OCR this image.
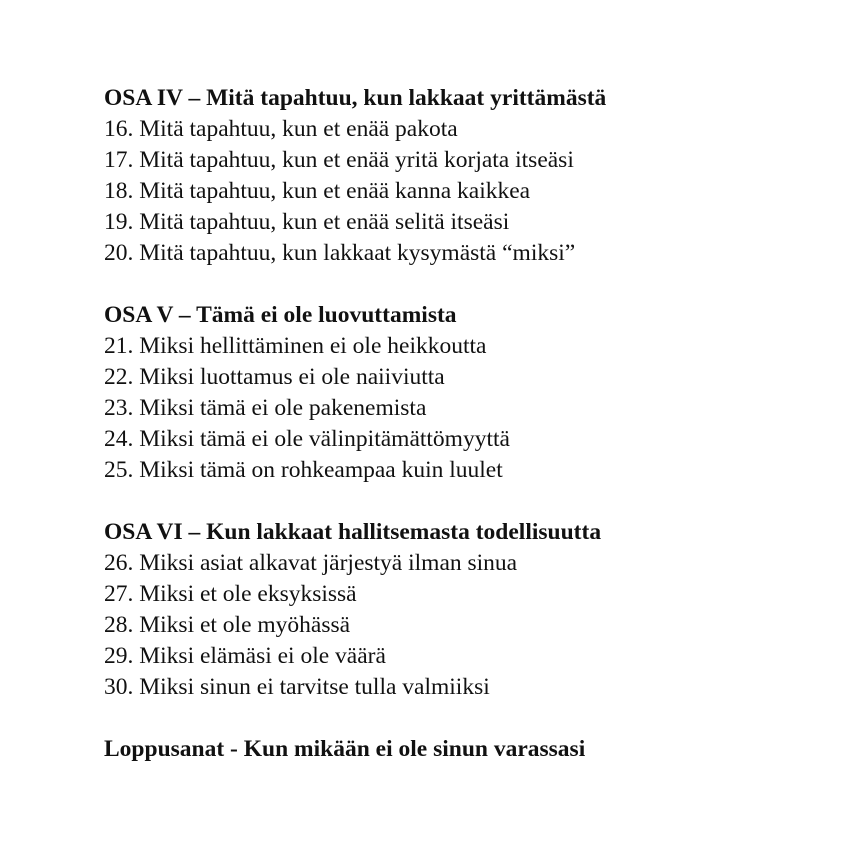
OSA IV – Mitä tapahtuu, kun lakkaat yrittämästä

16. Mitä tapahtuu, kun et enää pakota

17. Mitä tapahtuu, kun et enää yritä korjata itseäsi

18. Mitä tapahtuu, kun et enää kanna kaikkea

19. Mitä tapahtuu, kun et enää selitä itseäsi

20. Mitä tapahtuu, kun lakkaat kysymästä “miksi”

OSA V – Tämä ei ole luovuttamista

21. Miksi hellittäminen ei ole heikkoutta

22. Miksi luottamus ei ole naiiviutta

23. Miksi tämä ei ole pakenemista

24. Miksi tämä ei ole välinpitämättömyyttä

25. Miksi tämä on rohkeampaa kuin luulet

OSA VI – Kun lakkaat hallitsemasta todellisuutta

26. Miksi asiat alkavat järjestyä ilman sinua

27. Miksi et ole eksyksissä

28. Miksi et ole myöhässä

29. Miksi elämäsi ei ole väärä

30. Miksi sinun ei tarvitse tulla valmiiksi

Loppusanat - Kun mikään ei ole sinun varassasi
